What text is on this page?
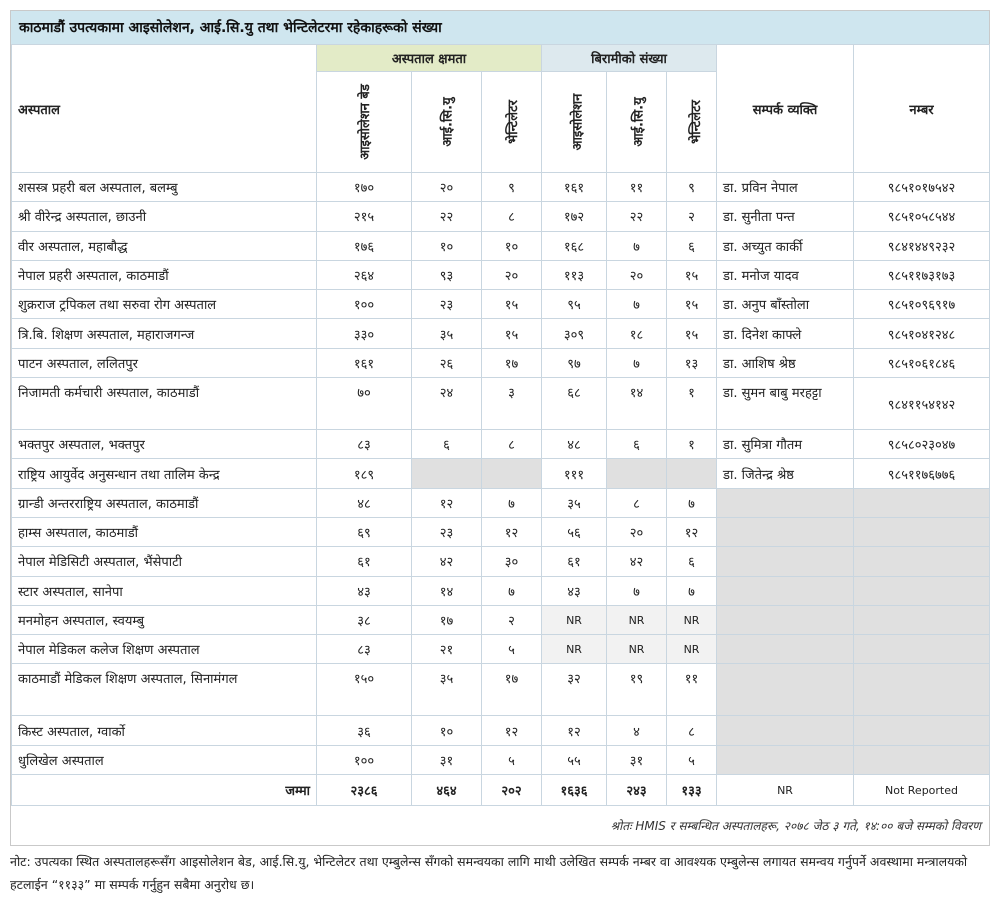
काठमाडौं उपत्यकामा आइसोलेशन, आई.सि.यु तथा भेन्टिलेटरमा रहेकाहरूको संख्या
अस्पताल	अस्पताल क्षमता			बिरामीको संख्या			सम्पर्क व्यक्ति	नम्बर
	आइसोलेशन बेड	आई.सि.यु	भेन्टिलेटर	आइसोलेशन	आई.सि.यु	भेन्टिलेटर		
शसस्त्र प्रहरी बल अस्पताल, बलम्बु	१७०	२०	९	१६१	११	९	डा. प्रविन नेपाल	९८५१०१७५४२
श्री वीरेन्द्र अस्पताल, छाउनी	२१५	२२	८	१७२	२२	२	डा. सुनीता पन्त	९८५१०५८५४४
वीर अस्पताल, महाबौद्ध	१७६	१०	१०	१६८	७	६	डा. अच्युत कार्की	९८४१४४९२३२
नेपाल प्रहरी अस्पताल, काठमाडौं	२६४	९३	२०	११३	२०	१५	डा. मनोज यादव	९८५११७३१७३
शुक्रराज ट्रपिकल तथा सरुवा रोग अस्पताल	१००	२३	१५	९५	७	१५	डा. अनुप बाँस्तोला	९८५१०९६९१७
त्रि.बि. शिक्षण अस्पताल, महाराजगन्ज	३३०	३५	१५	३०९	१८	१५	डा. दिनेश काफ्ले	९८५१०४१२४८
पाटन अस्पताल, ललितपुर	१६१	२६	१७	९७	७	१३	डा. आशिष श्रेष्ठ	९८५१०६१८४६
निजामती कर्मचारी अस्पताल, काठमाडौं	७०	२४	३	६८	१४	१	डा. सुमन बाबु मरहट्टा	९८४११५४१४२
भक्तपुर अस्पताल, भक्तपुर	८३	६	८	४८	६	१	डा. सुमित्रा गौतम	९८५८०२३०४७
राष्ट्रिय आयुर्वेद अनुसन्धान तथा तालिम केन्द्र	१८९			१११			डा. जितेन्द्र श्रेष्ठ	९८५११७६७७६
ग्रान्डी अन्तरराष्ट्रिय अस्पताल, काठमाडौं	४८	१२	७	३५	८	७		
हाम्स अस्पताल, काठमाडौं	६९	२३	१२	५६	२०	१२		
नेपाल मेडिसिटी अस्पताल, भैंसेपाटी	६१	४२	३०	६१	४२	६		
स्टार अस्पताल, सानेपा	४३	१४	७	४३	७	७		
मनमोहन अस्पताल, स्वयम्बु	३८	१७	२	NR	NR	NR		
नेपाल मेडिकल कलेज शिक्षण अस्पताल	८३	२१	५	NR	NR	NR		
काठमाडौं मेडिकल शिक्षण अस्पताल, सिनामंगल	१५०	३५	१७	३२	१९	११		
किस्ट अस्पताल, ग्वार्को	३६	१०	१२	१२	४	८		
धुलिखेल अस्पताल	१००	३१	५	५५	३१	५		
जम्मा	२३८६	४६४	२०२	१६३६	२४३	१३३	NR	Not Reported
श्रोतः HMIS र सम्बन्धित अस्पतालहरू, २०७८ जेठ ३ गते, १४:०० बजे सम्मको विवरण
नोट: उपत्यका स्थित अस्पतालहरूसँग आइसोलेशन बेड, आई.सि.यु, भेन्टिलेटर तथा एम्बुलेन्स सँगको समन्वयका लागि माथी उलेखित सम्पर्क नम्बर वा आवश्यक एम्बुलेन्स लगायत समन्वय गर्नुपर्ने अवस्थामा मन्त्रालयको हटलाईन “११३३” मा सम्पर्क गर्नुहुन सबैमा अनुरोध छ।
